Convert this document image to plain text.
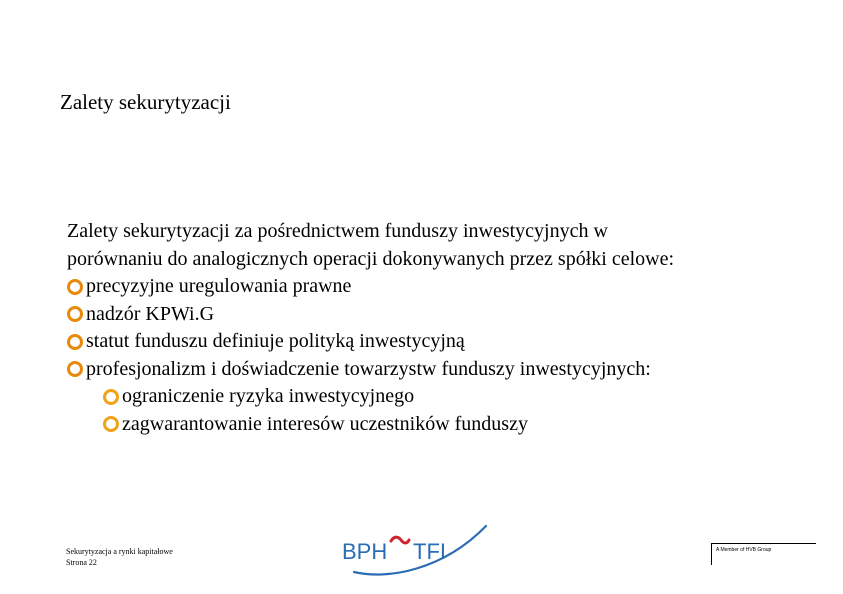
Zalety sekurytyzacji
Zalety sekurytyzacji za pośrednictwem funduszy inwestycyjnych w
porównaniu do analogicznych operacji dokonywanych przez spółki celowe:
precyzyjne uregulowania prawne
nadzór KPWi.G
statut funduszu definiuje polityką inwestycyjną
profesjonalizm i doświadczenie towarzystw funduszy inwestycyjnych:
ograniczenie ryzyka inwestycyjnego
zagwarantowanie interesów uczestników funduszy
Sekurytyzacja a rynki kapitałowe
Strona 22	BPH TFI	A Member of HVB Group
